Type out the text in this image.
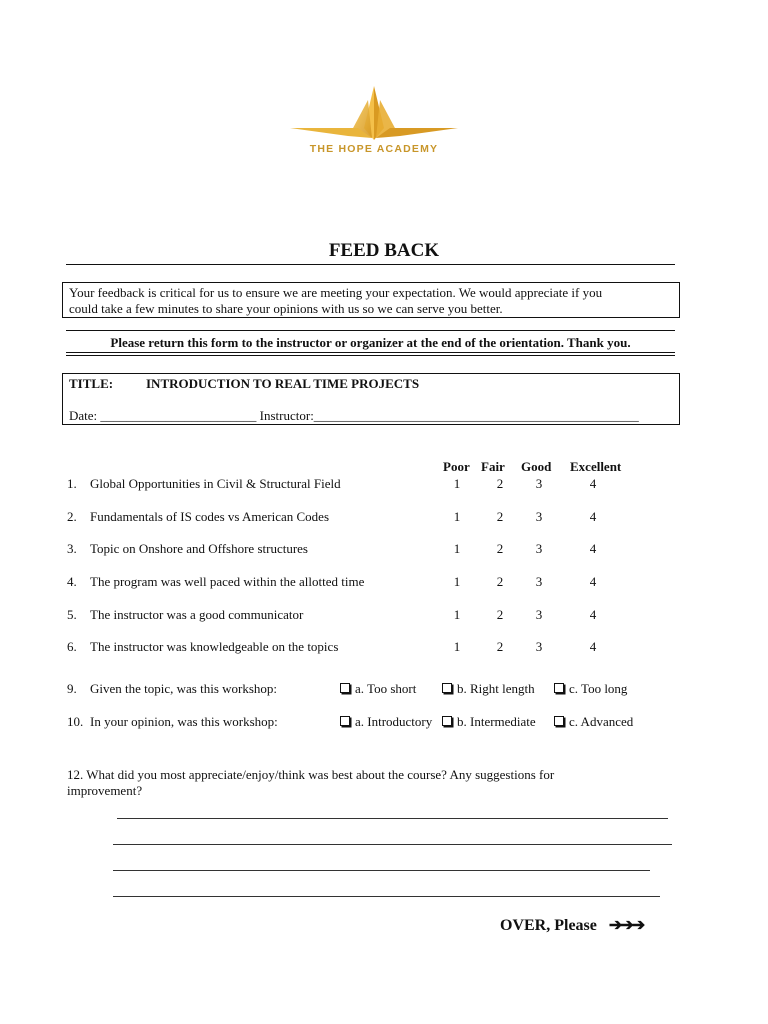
THE HOPE ACADEMY
FEED BACK
Your feedback is critical for us to ensure we are meeting your expectation. We would appreciate if you
could take a few minutes to share your opinions with us so we can serve you better.
Please return this form to the instructor or organizer at the end of the orientation. Thank you.
TITLE:	INTRODUCTION TO REAL TIME PROJECTS
Date: ________________________ Instructor:__________________________________________________
Poor Fair Good Excellent
1. Global Opportunities in Civil & Structural Field	1	2	3	4
2. Fundamentals of IS codes vs American Codes	1	2	3	4
3. Topic on Onshore and Offshore structures	1	2	3	4
4. The program was well paced within the allotted time	1	2	3	4
5. The instructor was a good communicator	1	2	3	4
6. The instructor was knowledgeable on the topics	1	2	3	4
9. Given the topic, was this workshop:	a. Too short	b. Right length	c. Too long
10. In your opinion, was this workshop:	a. Introductory	b. Intermediate	c. Advanced
12. What did you most appreciate/enjoy/think was best about the course? Any suggestions for
improvement?
OVER, Please ➔➔➔
